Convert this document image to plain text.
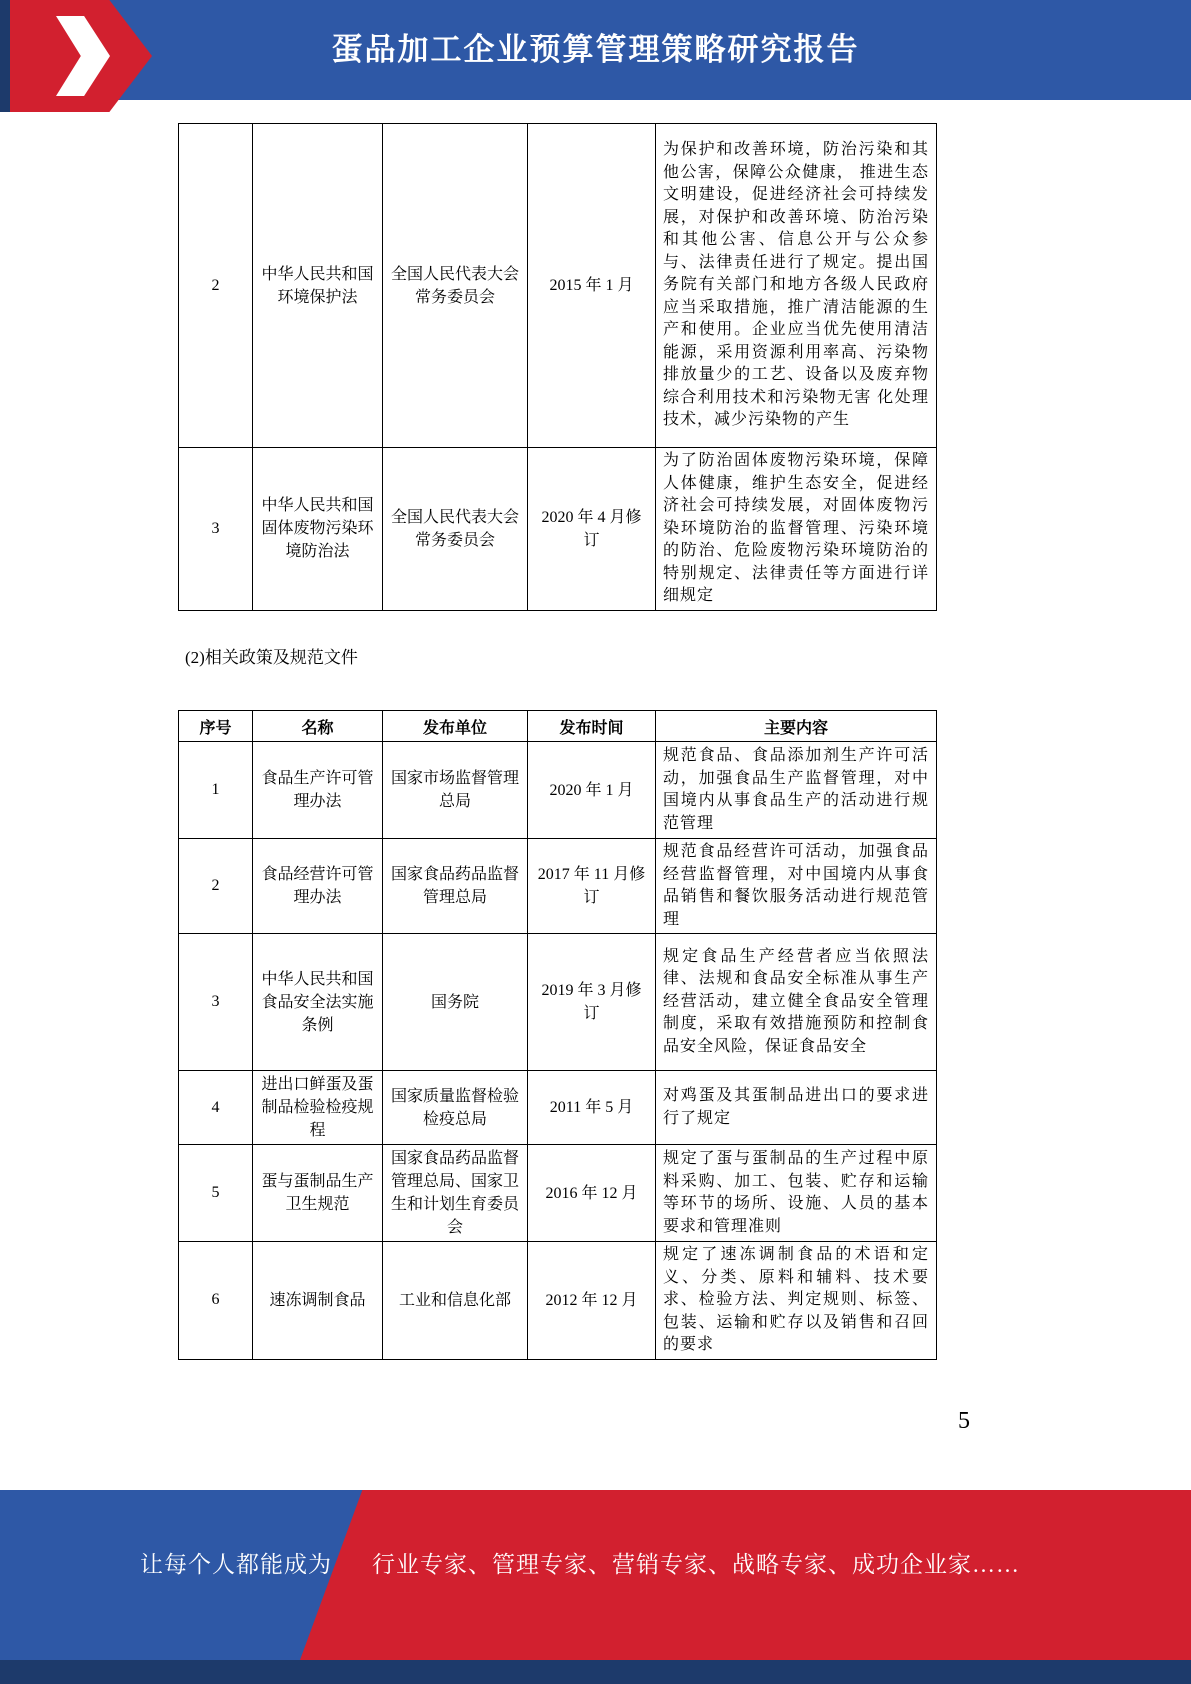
蛋品加工企业预算管理策略研究报告
2	中华人民共和国环境保护法	全国人民代表大会常务委员会	2015 年 1 月	为保护和改善环境，防治污染和其他公害，保障公众健康， 推进生态文明建设，促进经济社会可持续发展，对保护和改善环境、防治污染和其他公害、信息公开与公众参与、法律责任进行了规定。提出国务院有关部门和地方各级人民政府应当采取措施，推广清洁能源的生产和使用。企业应当优先使用清洁能源，采用资源利用率高、污染物排放量少的工艺、设备以及废弃物综合利用技术和污染物无害 化处理技术，减少污染物的产生
3	中华人民共和国固体废物污染环境防治法	全国人民代表大会常务委员会	2020 年 4 月修订	为了防治固体废物污染环境，保障人体健康，维护生态安全，促进经济社会可持续发展，对固体废物污染环境防治的监督管理、污染环境的防治、危险废物污染环境防治的 特别规定、法律责任等方面进行详细规定

(2)相关政策及规范文件

序号	名称	发布单位	发布时间	主要内容
1	食品生产许可管理办法	国家市场监督管理总局	2020 年 1 月	规范食品、食品添加剂生产许可活动，加强食品生产监督管理，对中国境内从事食品生产的活动进行规范管理
2	食品经营许可管理办法	国家食品药品监督管理总局	2017 年 11 月修订	规范食品经营许可活动，加强食品经营监督管理，对中国境内从事食品销售和餐饮服务活动进行规范管理
3	中华人民共和国食品安全法实施条例	国务院	2019 年 3 月修订	规定食品生产经营者应当依照法律、法规和食品安全标准从事生产经营活动，建立健全食品安全管理制度，采取有效措施预防和控制食品安全风险，保证食品安全
4	进出口鲜蛋及蛋制品检验检疫规程	国家质量监督检验检疫总局	2011 年 5 月	对鸡蛋及其蛋制品进出口的要求进行了规定
5	蛋与蛋制品生产卫生规范	国家食品药品监督管理总局、国家卫生和计划生育委员会	2016 年 12 月	规定了蛋与蛋制品的生产过程中原料采购、加工、包装、贮存和运输等环节的场所、设施、人员的基本要求和管理准则
6	速冻调制食品	工业和信息化部	2012 年 12 月	规定了速冻调制食品的术语和定义、分类、原料和辅料、技术要求、检验方法、判定规则、标签、包装、运输和贮存以及销售和召回的要求
5
让每个人都能成为 行业专家、管理专家、营销专家、战略专家、成功企业家……
